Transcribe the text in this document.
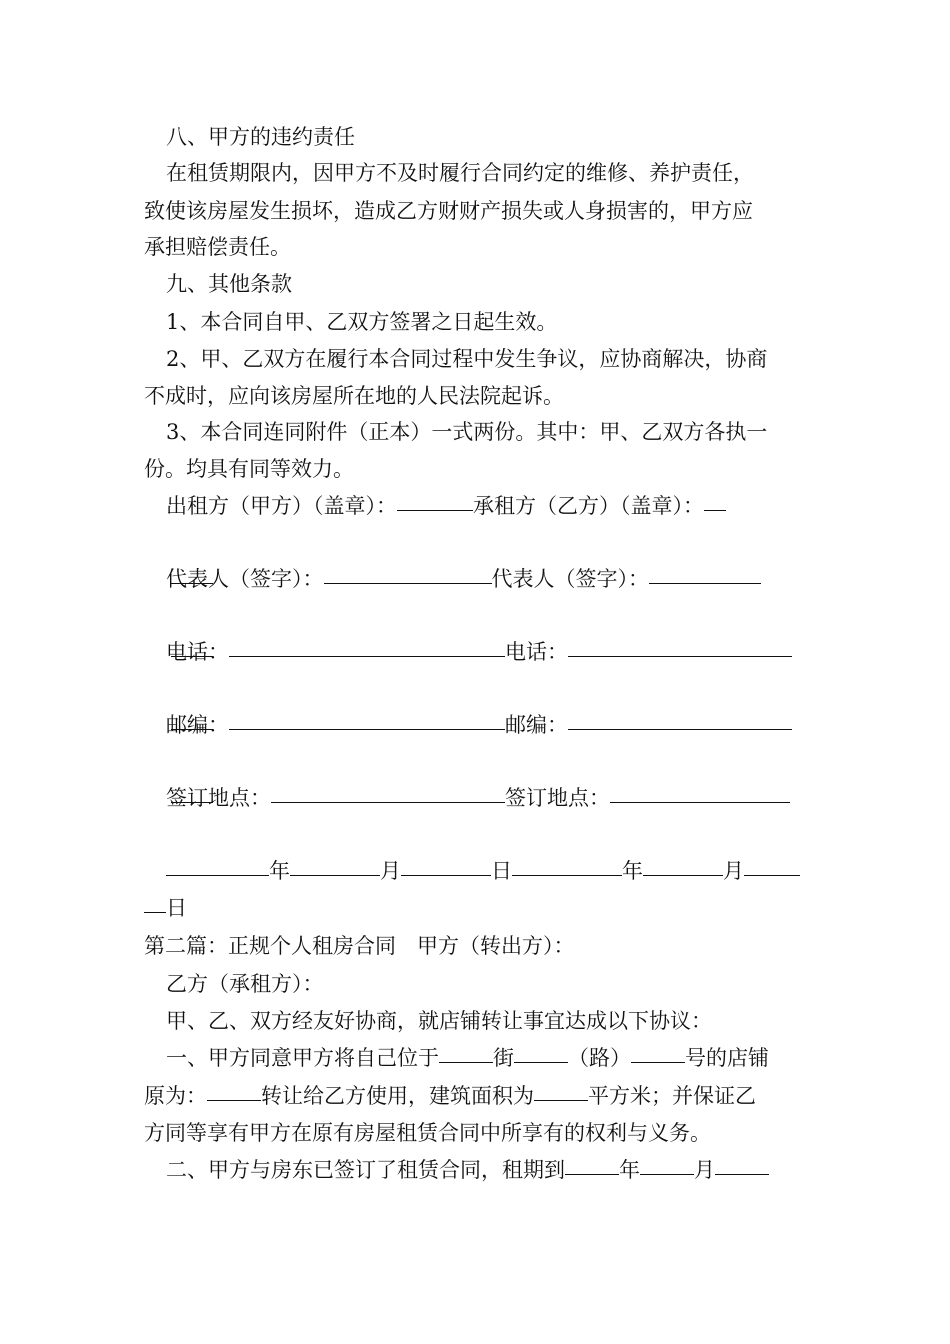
八、甲方的违约责任
在租赁期限内，因甲方不及时履行合同约定的维修、养护责任，
致使该房屋发生损坏，造成乙方财财产损失或人身损害的，甲方应
承担赔偿责任。
九、其他条款
1、本合同自甲、乙双方签署之日起生效。
2、甲、乙双方在履行本合同过程中发生争议，应协商解决，协商
不成时，应向该房屋所在地的人民法院起诉。
3、本合同连同附件（正本）一式两份。其中：甲、乙双方各执一
份。均具有同等效力。
出租方（甲方）（盖章）：	承租方（乙方）（盖章）：

代表人（签字）：	代表人（签字）：

电话：	电话：

邮编：	邮编：

签订地点：	签订地点：

年	月	日	年	月
日
第二篇：正规个人租房合同　甲方（转出方）：
乙方（承租方）：
甲、乙、双方经友好协商，就店铺转让事宜达成以下协议：
一、甲方同意甲方将自己位于	街	（路）	号的店铺
原为：	转让给乙方使用，建筑面积为	平方米；并保证乙
方同等享有甲方在原有房屋租赁合同中所享有的权利与义务。
二、甲方与房东已签订了租赁合同，租期到	年	月
